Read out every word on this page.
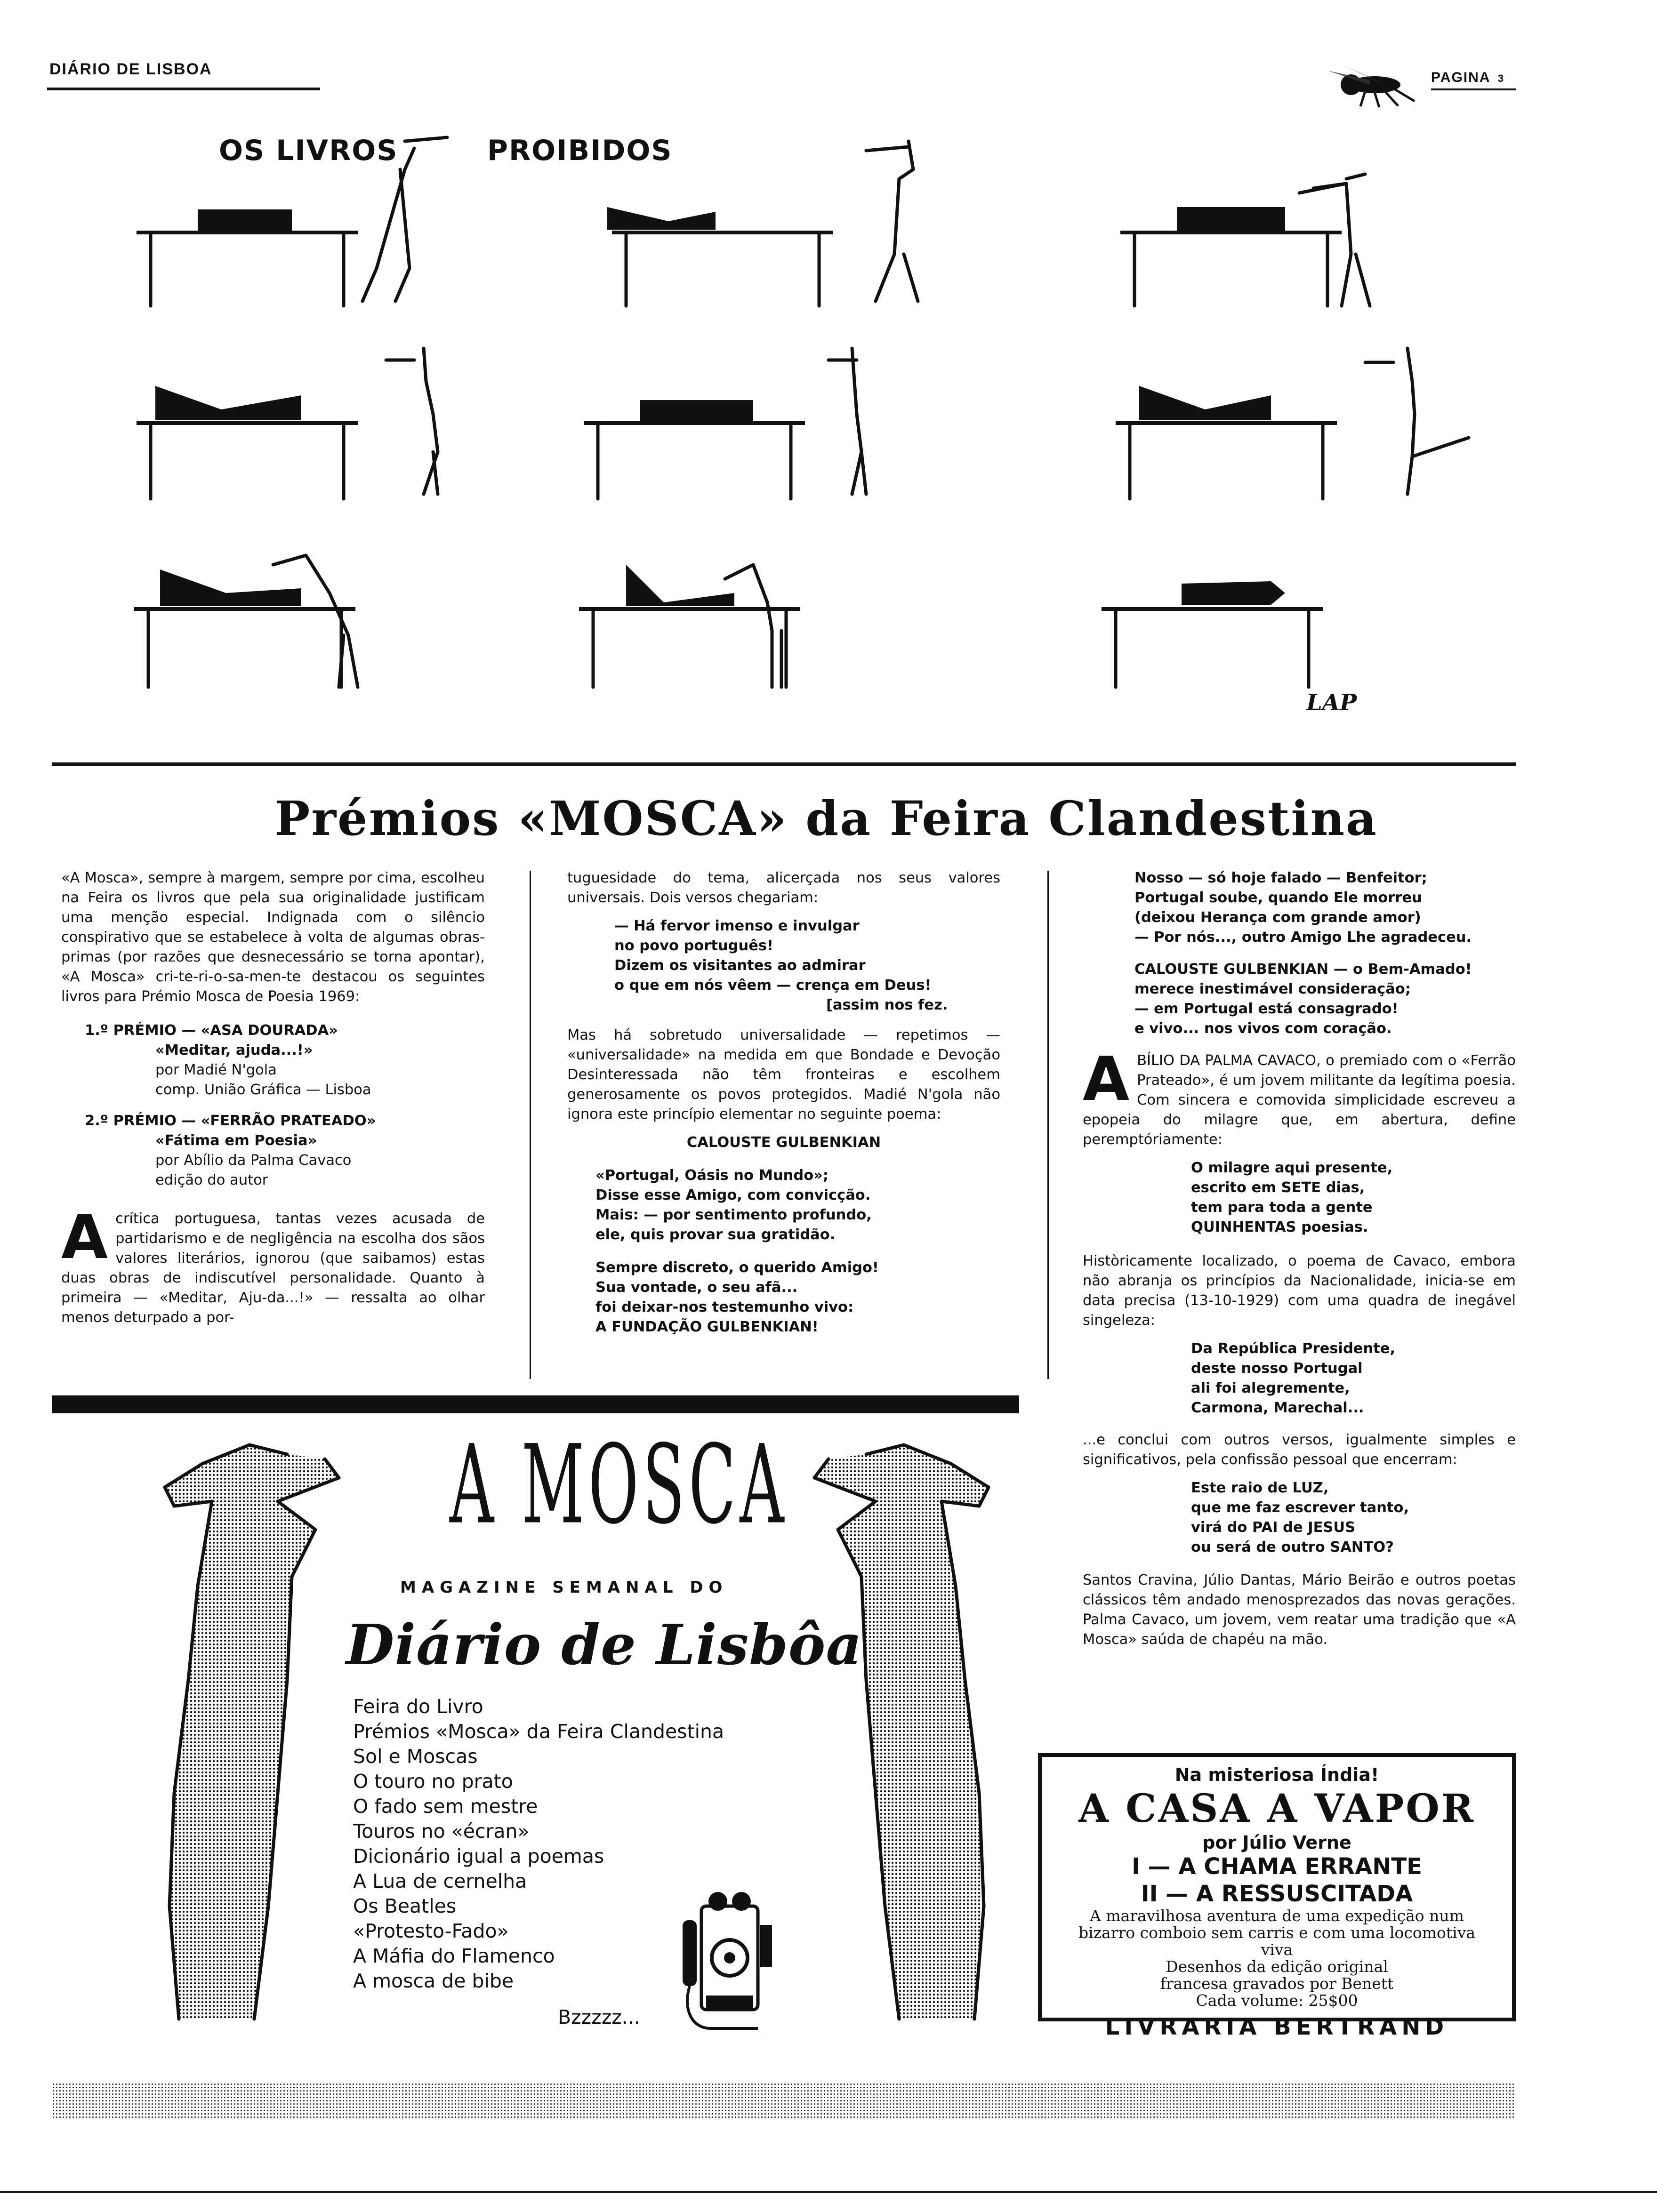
DIÁRIO DE LISBOA	PAGINA 3
OS LIVROS	PROIBIDOS
LAP
Prémios «MOSCA» da Feira Clandestina

«A Mosca», sempre à margem, sempre por cima, escolheu na Feira os livros que pela sua originalidade justificam uma menção especial. Indignada com o silêncio conspirativo que se estabelece à volta de algumas obras-primas (por razões que desnecessário se torna apontar), «A Mosca» cri-te-ri-o-sa-men-te destacou os seguintes livros para Prémio Mosca de Poesia 1969:

1.º PRÉMIO — «ASA DOURADA»
«Meditar, ajuda...!»
por Madié N'gola
comp. União Gráfica — Lisboa
2.º PRÉMIO — «FERRÃO PRATEADO»
«Fátima em Poesia»
por Abílio da Palma Cavaco
edição do autor

Acrítica portuguesa, tantas vezes acusada de partidarismo e de negligência na escolha dos sãos valores literários, ignorou (que saibamos) estas duas obras de indiscutível personalidade. Quanto à primeira — «Meditar, Aju-da...!» — ressalta ao olhar menos deturpado a por-

tuguesidade do tema, alicerçada nos seus valores universais. Dois versos chegariam:

— Há fervor imenso e invulgar
no povo português!
Dizem os visitantes ao admirar
o que em nós vêem — crença em Deus!
[assim nos fez.

Mas há sobretudo universalidade — repetimos — «universalidade» na medida em que Bondade e Devoção Desinteressada não têm fronteiras e escolhem generosamente os povos protegidos. Madié N'gola não ignora este princípio elementar no seguinte poema:

CALOUSTE GULBENKIAN
«Portugal, Oásis no Mundo»;
Disse esse Amigo, com convicção.
Mais: — por sentimento profundo,
ele, quis provar sua gratidão.
Sempre discreto, o querido Amigo!
Sua vontade, o seu afã...
foi deixar-nos testemunho vivo:
A FUNDAÇÃO GULBENKIAN!
Nosso — só hoje falado — Benfeitor;
Portugal soube, quando Ele morreu
(deixou Herança com grande amor)
— Por nós..., outro Amigo Lhe agradeceu.
CALOUSTE GULBENKIAN — o Bem-Amado!
merece inestimável consideração;
— em Portugal está consagrado!
e vivo... nos vivos com coração.

ABÍLIO DA PALMA CAVACO, o premiado com o «Ferrão Prateado», é um jovem militante da legítima poesia. Com sincera e comovida simplicidade escreveu a epopeia do milagre que, em abertura, define peremptóriamente:

O milagre aqui presente,
escrito em SETE dias,
tem para toda a gente
QUINHENTAS poesias.

Històricamente localizado, o poema de Cavaco, embora não abranja os princípios da Nacionalidade, inicia-se em data precisa (13-10-1929) com uma quadra de inegável singeleza:

Da República Presidente,
deste nosso Portugal
ali foi alegremente,
Carmona, Marechal...

...e conclui com outros versos, igualmente simples e significativos, pela confissão pessoal que encerram:

Este raio de LUZ,
que me faz escrever tanto,
virá do PAI de JESUS
ou será de outro SANTO?

Santos Cravina, Júlio Dantas, Mário Beirão e outros poetas clássicos têm andado menosprezados das novas gerações. Palma Cavaco, um jovem, vem reatar uma tradição que «A Mosca» saúda de chapéu na mão.

A MOSCA
MAGAZINE SEMANAL DO
Diário de Lisbôa
Feira do Livro
Prémios «Mosca» da Feira Clandestina
Sol e Moscas
O touro no prato
O fado sem mestre
Touros no «écran»
Dicionário igual a poemas
A Lua de cernelha
Os Beatles
«Protesto-Fado»
A Máfia do Flamenco
A mosca de bibe
Bzzzzz...
Na misteriosa Índia!
A CASA A VAPOR
por Júlio Verne
I — A CHAMA ERRANTE
II — A RESSUSCITADA
A maravilhosa aventura de uma expedição num bizarro comboio sem carris e com uma locomotiva viva
Desenhos da edição original francesa gravados por Benett
Cada volume: 25$00
LIVRARIA BERTRAND
